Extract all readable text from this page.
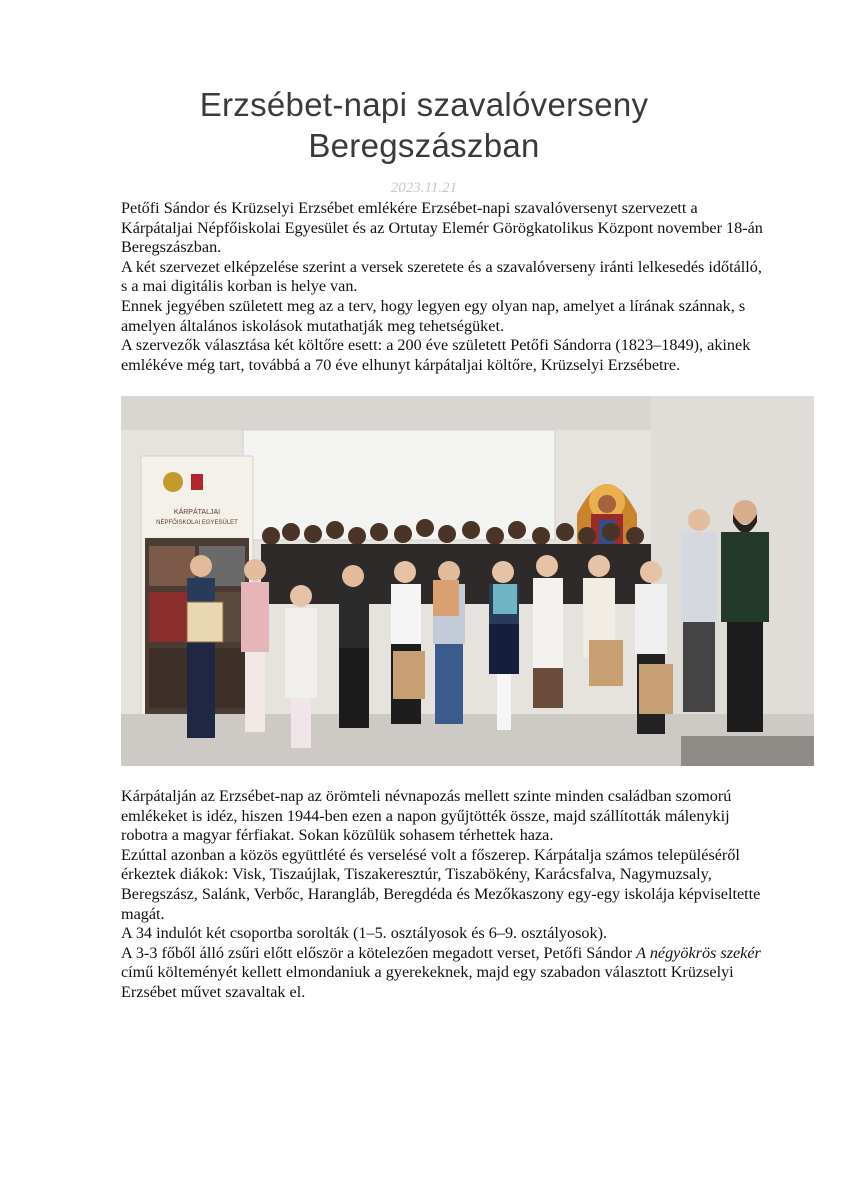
Erzsébet-napi szavalóverseny
Beregszászban
2023.11.21

Petőfi Sándor és Krüzselyi Erzsébet emlékére Erzsébet-napi szavalóversenyt szervezett a Kárpátaljai Népfőiskolai Egyesület és az Ortutay Elemér Görögkatolikus Központ november 18-án Beregszászban.

A két szervezet elképzelése szerint a versek szeretete és a szavalóverseny iránti lelkesedés időtálló, s a mai digitális korban is helye van.

Ennek jegyében született meg az a terv, hogy legyen egy olyan nap, amelyet a lírának szánnak, s amelyen általános iskolások mutathatják meg tehetségüket.

A szervezők választása két költőre esett: a 200 éve született Petőfi Sándorra (1823–1849), akinek emlékéve még tart, továbbá a 70 éve elhunyt kárpátaljai költőre, Krüzselyi Erzsébetre.

KÁRPÁTALJAI
NÉPFŐISKOLAI EGYESÜLET

Kárpátalján az Erzsébet-nap az örömteli névnapozás mellett szinte minden családban szomorú emlékeket is idéz, hiszen 1944-ben ezen a napon gyűjtötték össze, majd szállították málenykij robotra a magyar férfiakat. Sokan közülük sohasem térhettek haza.

Ezúttal azonban a közös együttlété és verselésé volt a főszerep. Kárpátalja számos településéről érkeztek diákok: Visk, Tiszaújlak, Tiszakeresztúr, Tiszabökény, Karácsfalva, Nagymuzsaly, Beregszász, Salánk, Verbőc, Harangláb, Beregdéda és Mezőkaszony egy-egy iskolája képviseltette magát.

A 34 indulót két csoportba sorolták (1–5. osztályosok és 6–9. osztályosok).

A 3-3 főből álló zsűri előtt először a kötelezően megadott verset, Petőfi Sándor A négyökrös szekér című költeményét kellett elmondaniuk a gyerekeknek, majd egy szabadon választott Krüzselyi Erzsébet művet szavaltak el.
